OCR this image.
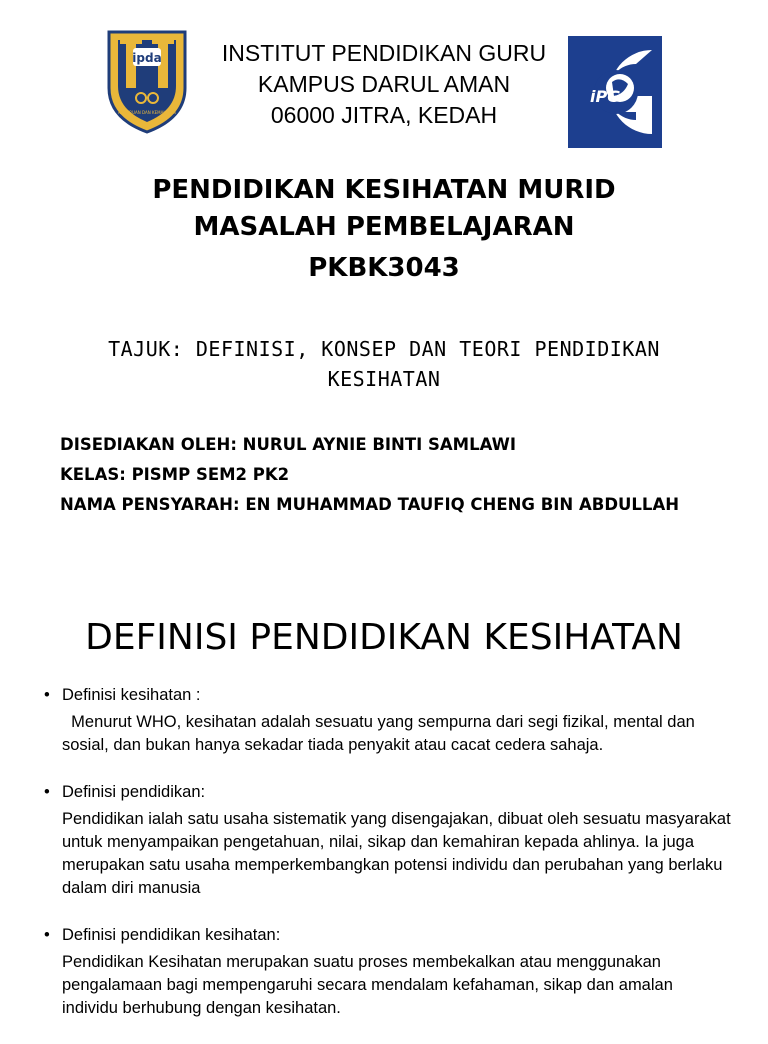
ipda
KEGURUAN DAN KEMAHIRAN
INSTITUT PENDIDIKAN GURU
KAMPUS DARUL AMAN
06000 JITRA, KEDAH
iPG
PENDIDIKAN KESIHATAN MURID
MASALAH PEMBELAJARAN
PKBK3043
TAJUK: DEFINISI, KONSEP DAN TEORI PENDIDIKAN
KESIHATAN
DISEDIAKAN OLEH: NURUL AYNIE BINTI SAMLAWI
KELAS: PISMP SEM2 PK2
NAMA PENSYARAH: EN MUHAMMAD TAUFIQ CHENG BIN ABDULLAH
DEFINISI PENDIDIKAN KESIHATAN
• Definisi kesihatan :
Menurut WHO, kesihatan adalah sesuatu yang sempurna dari segi fizikal, mental dan sosial, dan bukan hanya sekadar tiada penyakit atau cacat cedera sahaja.
• Definisi pendidikan:
Pendidikan ialah satu usaha sistematik yang disengajakan, dibuat oleh sesuatu masyarakat untuk menyampaikan pengetahuan, nilai, sikap dan kemahiran kepada ahlinya. Ia juga merupakan satu usaha memperkembangkan potensi individu dan perubahan yang berlaku dalam diri manusia
• Definisi pendidikan kesihatan:
Pendidikan Kesihatan merupakan suatu proses membekalkan atau menggunakan pengalamaan bagi mempengaruhi secara mendalam kefahaman, sikap dan amalan individu berhubung dengan kesihatan.
